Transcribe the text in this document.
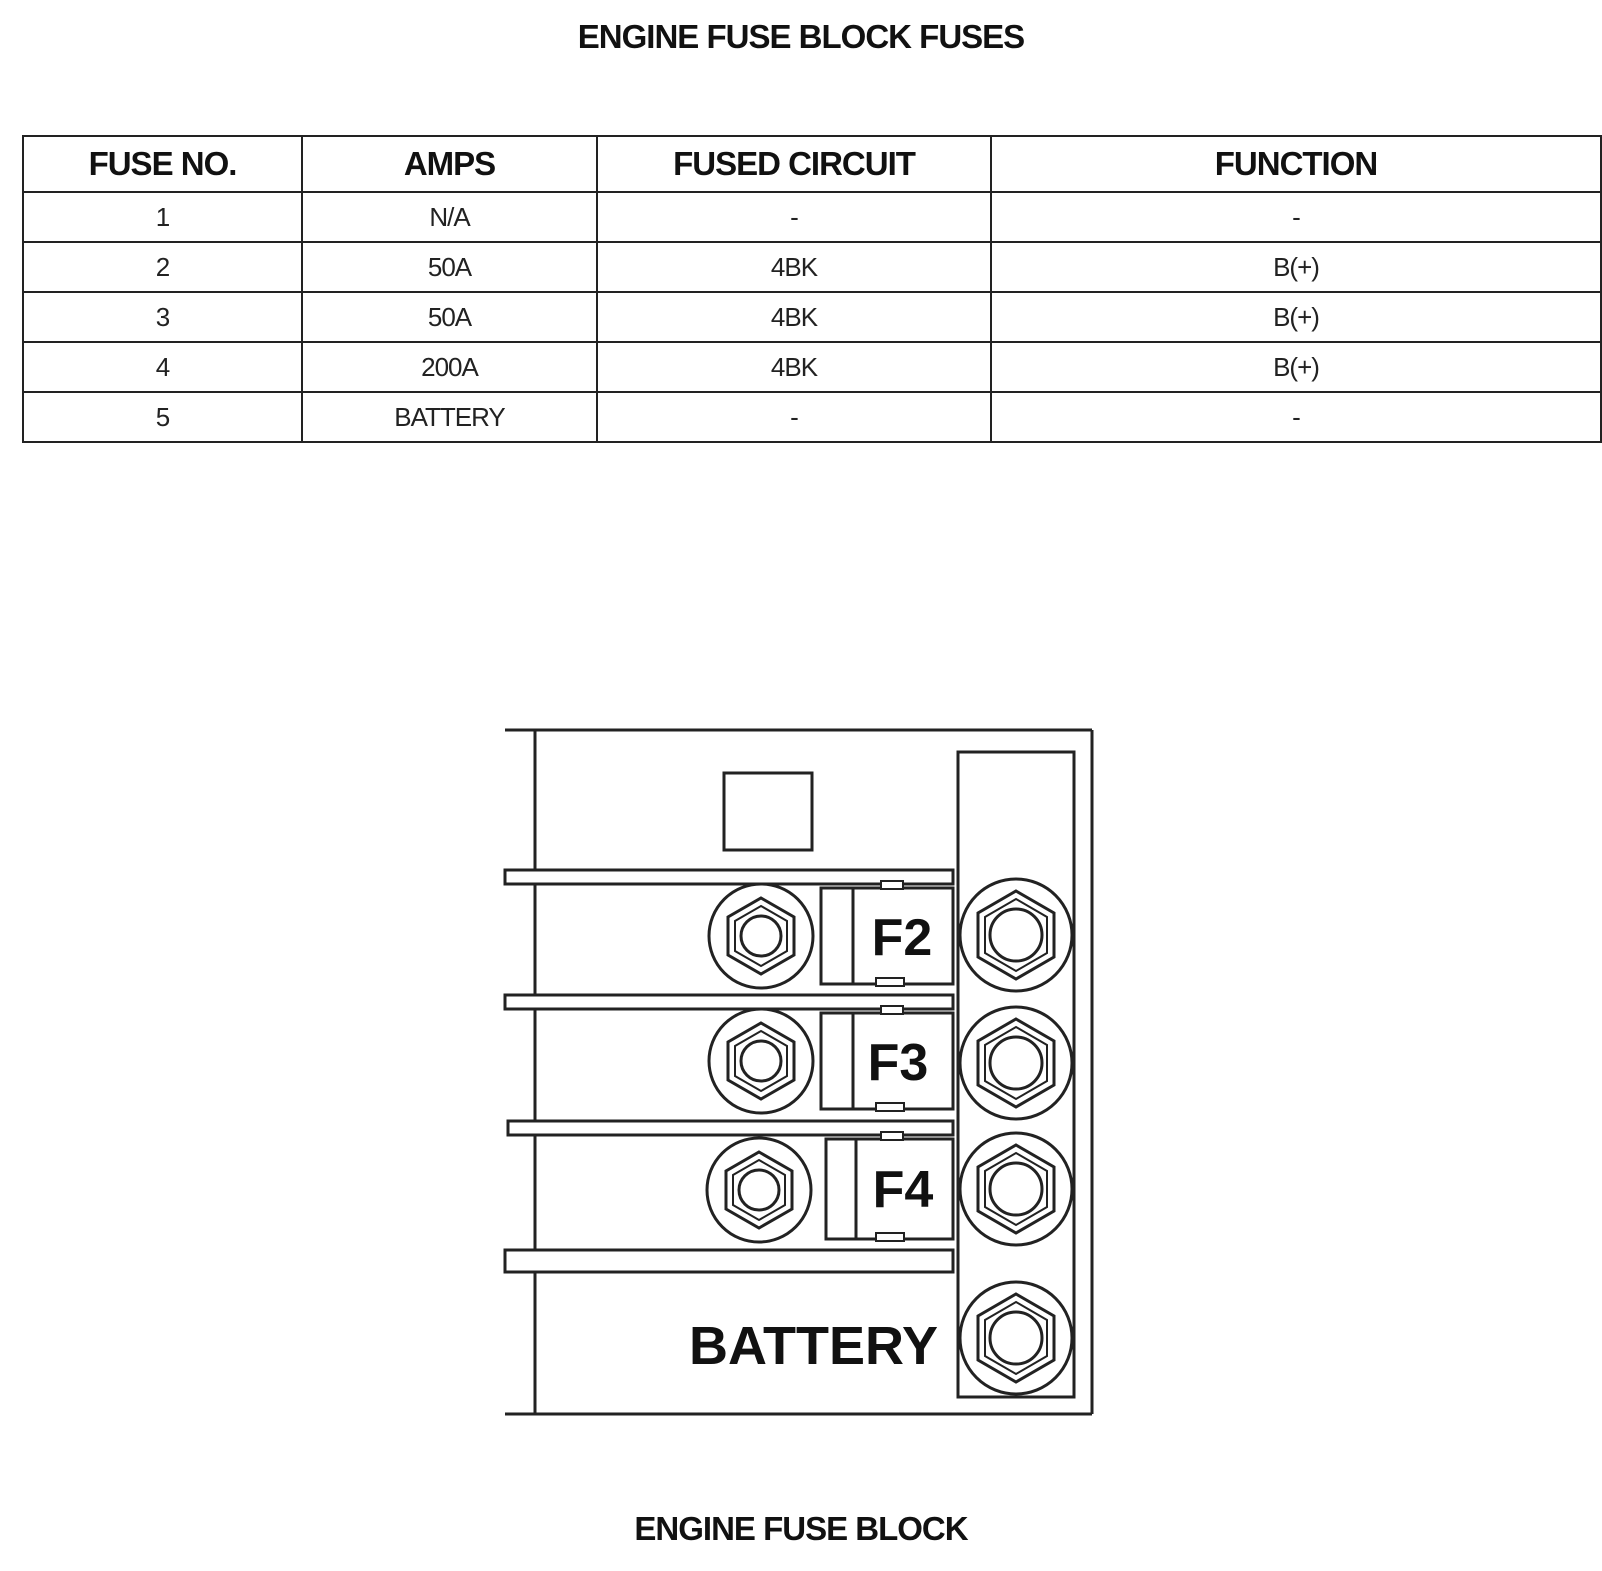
ENGINE FUSE BLOCK FUSES
FUSE NO.	AMPS	FUSED CIRCUIT	FUNCTION
1	N/A	-	-
2	50A	4BK	B(+)
3	50A	4BK	B(+)
4	200A	4BK	B(+)
5	BATTERY	-	-
F2
F3
F4
BATTERY
ENGINE FUSE BLOCK
